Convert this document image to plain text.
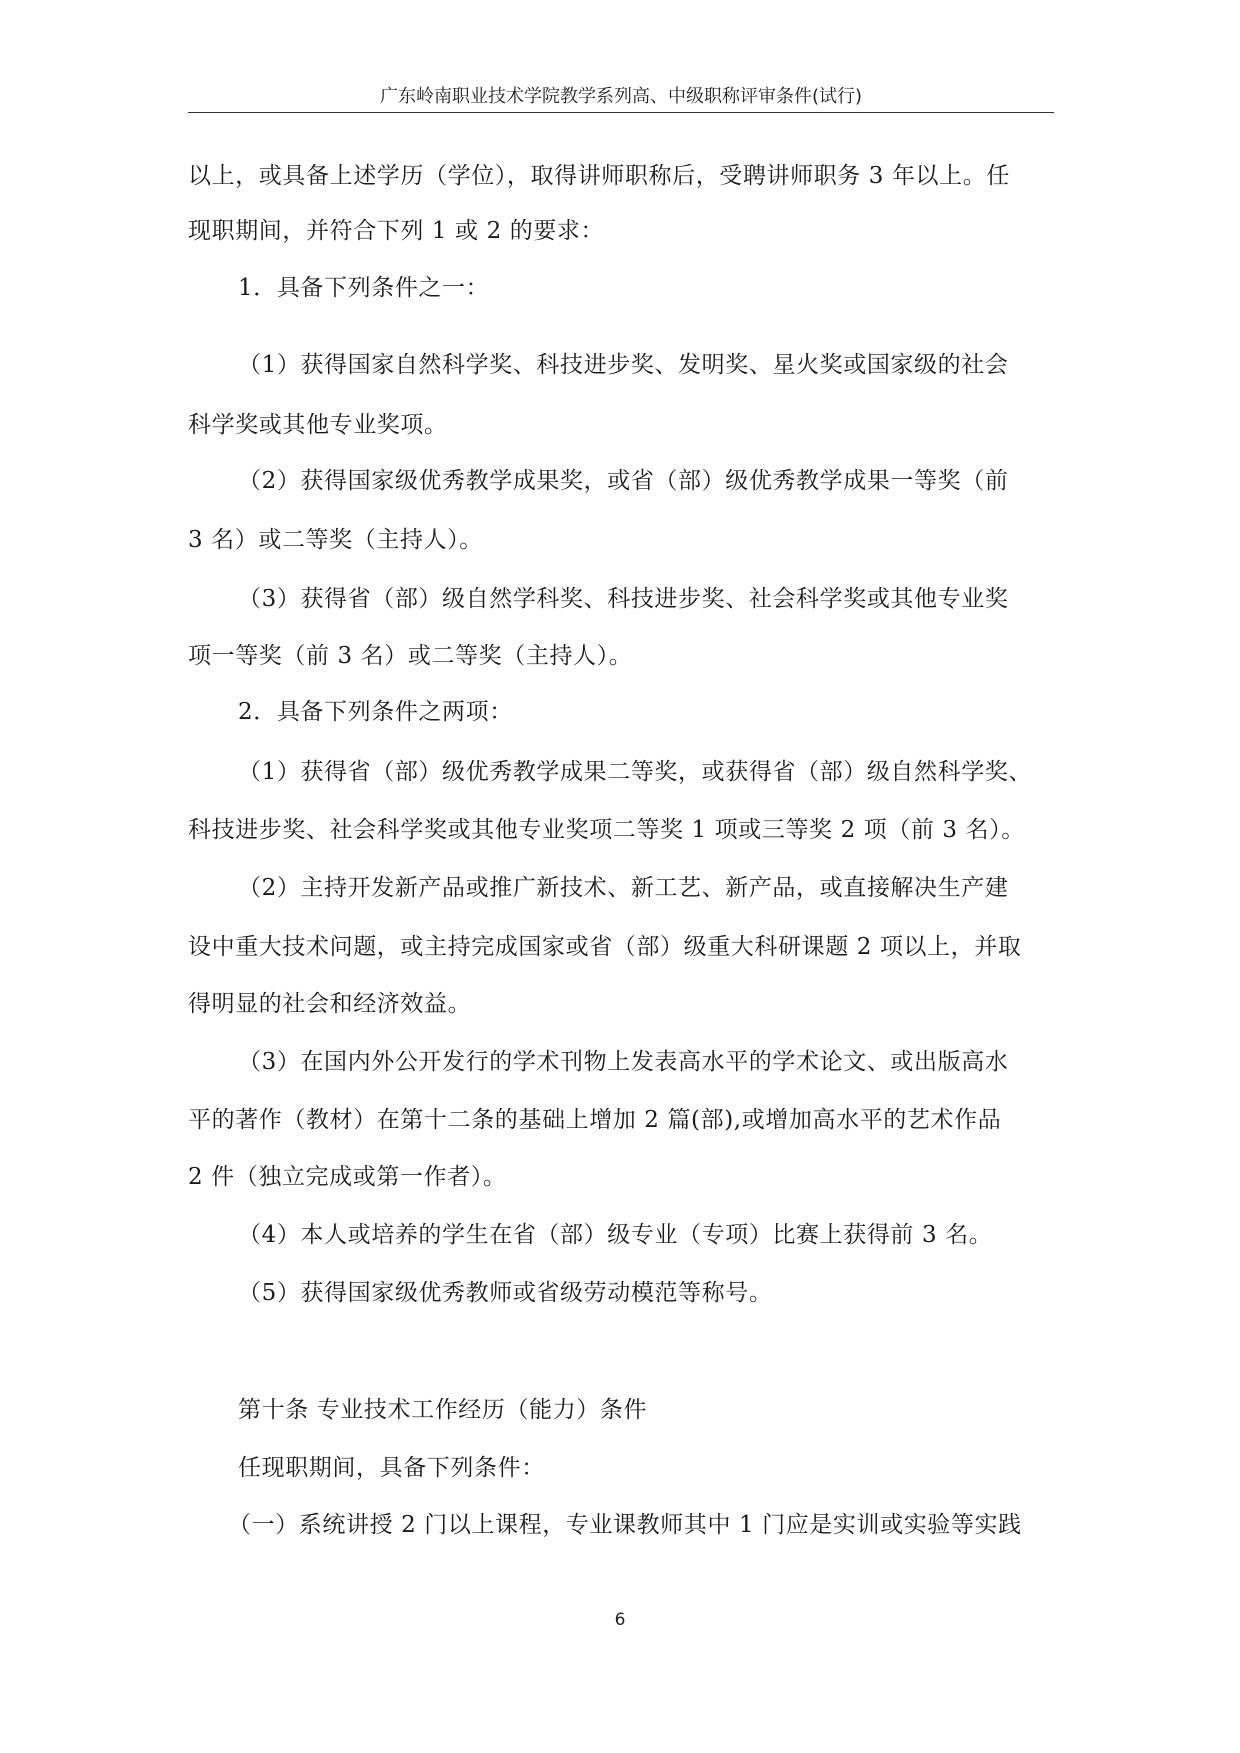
广东岭南职业技术学院教学系列高、中级职称评审条件(试行)
以上，或具备上述学历（学位），取得讲师职称后，受聘讲师职务 3 年以上。任
现职期间，并符合下列 1 或 2 的要求：
1．具备下列条件之一：
（1）获得国家自然科学奖、科技进步奖、发明奖、星火奖或国家级的社会
科学奖或其他专业奖项。
（2）获得国家级优秀教学成果奖，或省（部）级优秀教学成果一等奖（前
3 名）或二等奖（主持人）。
（3）获得省（部）级自然学科奖、科技进步奖、社会科学奖或其他专业奖
项一等奖（前 3 名）或二等奖（主持人）。
2．具备下列条件之两项：
（1）获得省（部）级优秀教学成果二等奖，或获得省（部）级自然科学奖、
科技进步奖、社会科学奖或其他专业奖项二等奖 1 项或三等奖 2 项（前 3 名）。
（2）主持开发新产品或推广新技术、新工艺、新产品，或直接解决生产建
设中重大技术问题，或主持完成国家或省（部）级重大科研课题 2 项以上，并取
得明显的社会和经济效益。
（3）在国内外公开发行的学术刊物上发表高水平的学术论文、或出版高水
平的著作（教材）在第十二条的基础上增加 2 篇(部),或增加高水平的艺术作品
2 件（独立完成或第一作者）。
（4）本人或培养的学生在省（部）级专业（专项）比赛上获得前 3 名。
（5）获得国家级优秀教师或省级劳动模范等称号。
第十条 专业技术工作经历（能力）条件
任现职期间，具备下列条件：
（一）系统讲授 2 门以上课程，专业课教师其中 1 门应是实训或实验等实践
6
